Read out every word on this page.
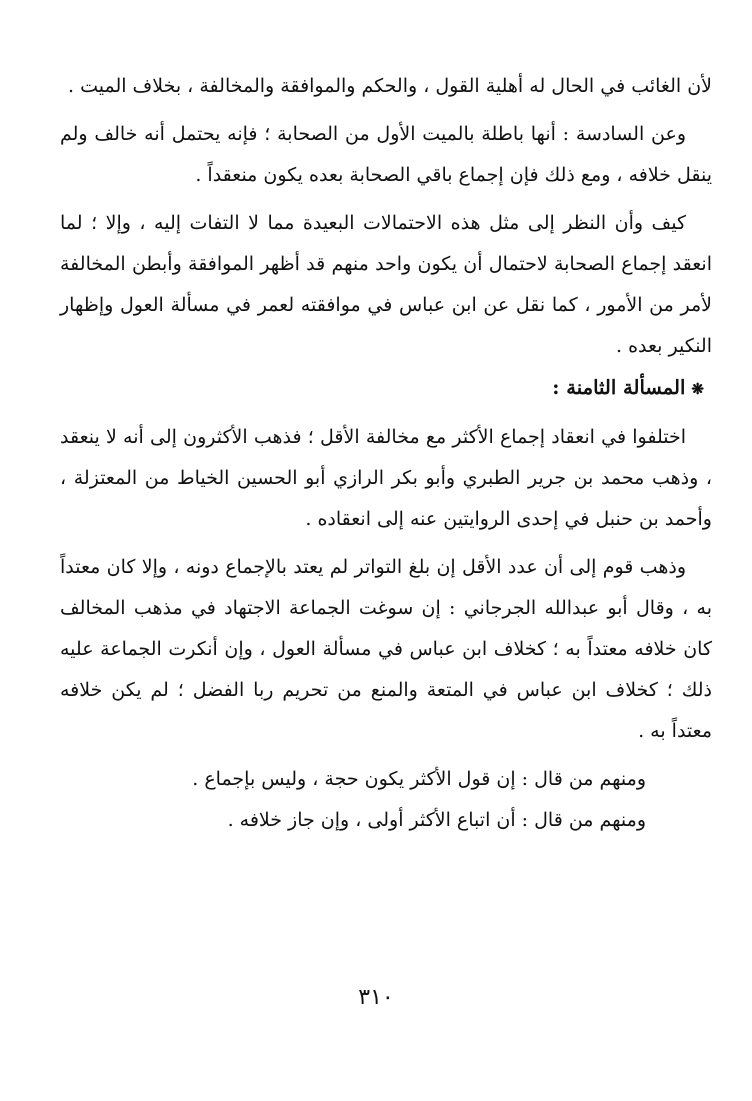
لأن الغائب في الحال له أهلية القول ، والحكم والموافقة والمخالفة ، بخلاف الميت .

وعن السادسة : أنها باطلة بالميت الأول من الصحابة ؛ فإنه يحتمل أنه خالف ولم ينقل خلافه ، ومع ذلك فإن إجماع باقي الصحابة بعده يكون منعقداً .

كيف وأن النظر إلى مثل هذه الاحتمالات البعيدة مما لا التفات إليه ، وإلا ؛ لما انعقد إجماع الصحابة لاحتمال أن يكون واحد منهم قد أظهر الموافقة وأبطن المخالفة لأمر من الأمور ، كما نقل عن ابن عباس في موافقته لعمر في مسألة العول وإظهار النكير بعده .

❋المسألة الثامنة :

اختلفوا في انعقاد إجماع الأكثر مع مخالفة الأقل ؛ فذهب الأكثرون إلى أنه لا ينعقد ، وذهب محمد بن جرير الطبري وأبو بكر الرازي أبو الحسين الخياط من المعتزلة ، وأحمد بن حنبل في إحدى الروايتين عنه إلى انعقاده .

وذهب قوم إلى أن عدد الأقل إن بلغ التواتر لم يعتد بالإجماع دونه ، وإلا كان معتداً به ، وقال أبو عبدالله الجرجاني : إن سوغت الجماعة الاجتهاد في مذهب المخالف كان خلافه معتداً به ؛ كخلاف ابن عباس في مسألة العول ، وإن أنكرت الجماعة عليه ذلك ؛ كخلاف ابن عباس في المتعة والمنع من تحريم ربا الفضل ؛ لم يكن خلافه معتداً به .

ومنهم من قال : إن قول الأكثر يكون حجة ، وليس بإجماع .

ومنهم من قال : أن اتباع الأكثر أولى ، وإن جاز خلافه .

٣١٠
